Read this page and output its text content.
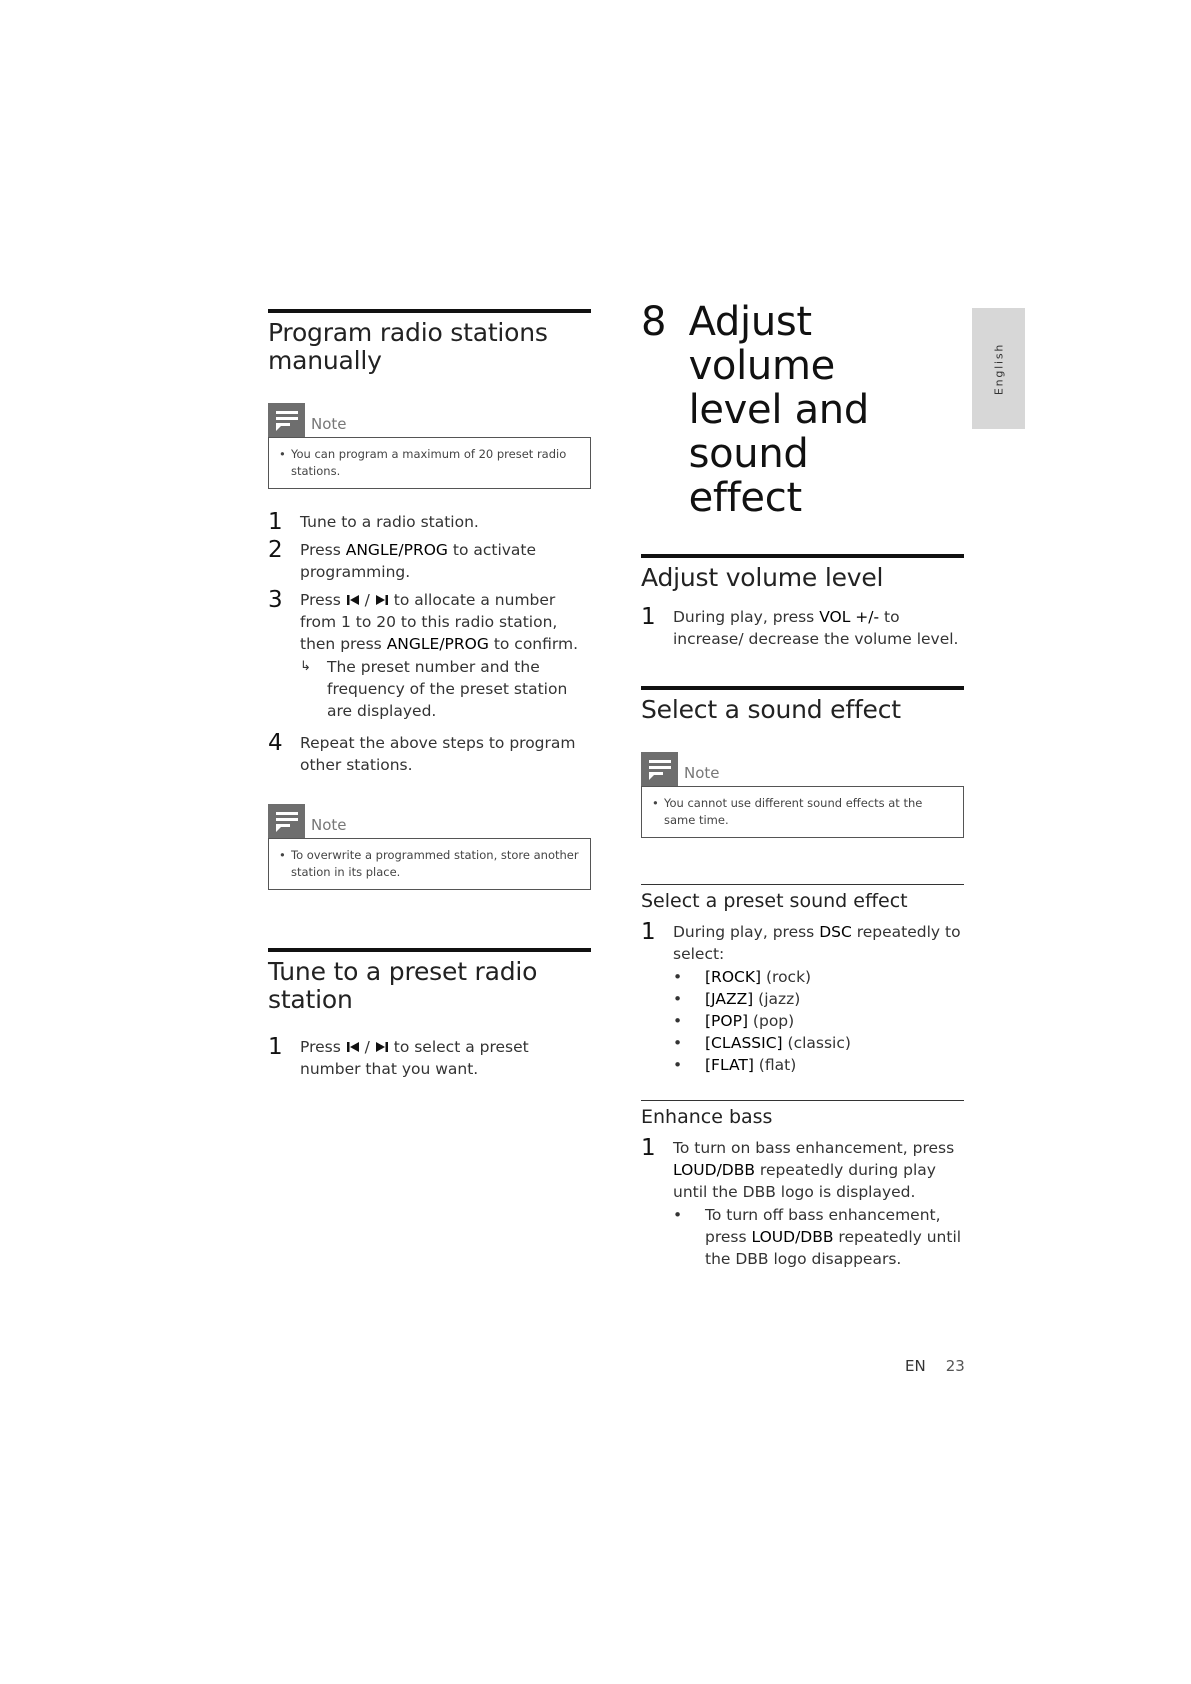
Program radio stations manually
Note
• You can program a maximum of 20 preset radio stations.
1	Tune to a radio station.
2	Press ANGLE/PROG to activate programming.
3	Press  /  to allocate a number from 1 to 20 to this radio station, then press ANGLE/PROG to confirm.
↳	The preset number and the frequency of the preset station are displayed.
4	Repeat the above steps to program other stations.
Note
• To overwrite a programmed station, store another station in its place.
Tune to a preset radio station
1	Press  /  to select a preset number that you want.
8 Adjust volume
level and sound
effect
Adjust volume level
1	During play, press VOL +/- to increase/ decrease the volume level.
Select a sound effect
Note
• You cannot use different sound effects at the same time.
Select a preset sound effect
1	During play, press DSC repeatedly to select:
•	[ROCK] (rock)
•	[JAZZ] (jazz)
•	[POP] (pop)
•	[CLASSIC] (classic)
•	[FLAT] (flat)
Enhance bass
1	To turn on bass enhancement, press LOUD/DBB repeatedly during play until the DBB logo is displayed.
•	To turn off bass enhancement, press LOUD/DBB repeatedly until the DBB logo disappears.
English
EN 23
